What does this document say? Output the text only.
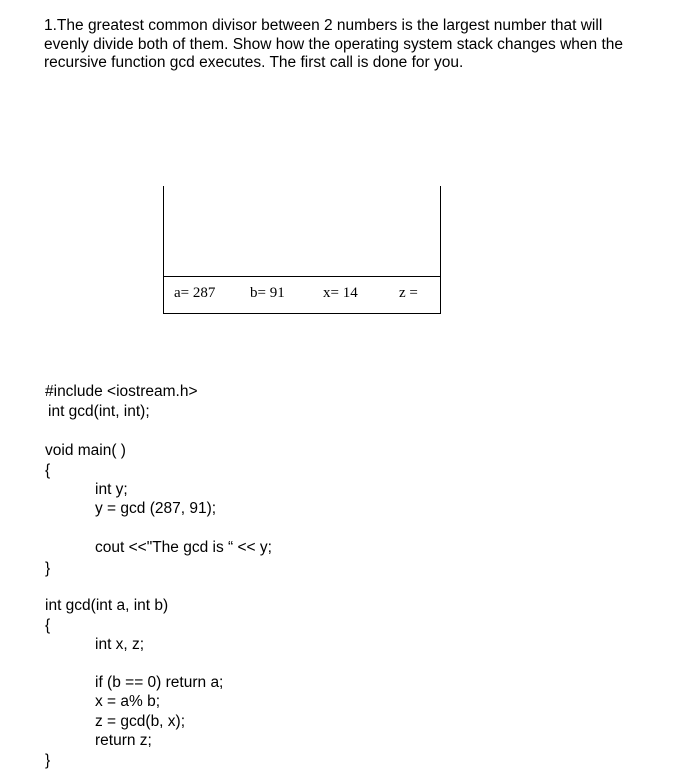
1.The greatest common divisor between 2 numbers is the largest number that will
evenly divide both of them. Show how the operating system stack changes when the
recursive function gcd executes. The first call is done for you.
a= 287 b= 91	x= 14	z =
#include <iostream.h>
int gcd(int, int);
void main( )
{
int y;
y = gcd (287, 91);
cout <<"The gcd is “ << y;
}
int gcd(int a, int b)
{
int x, z;
if (b == 0) return a;
x = a% b;
z = gcd(b, x);
return z;
}
